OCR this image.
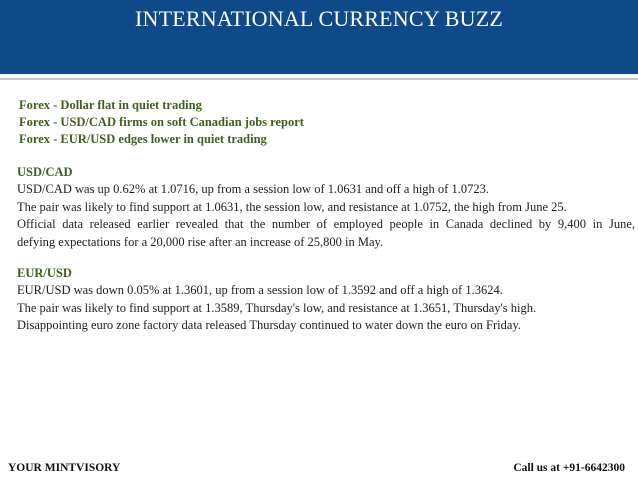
INTERNATIONAL CURRENCY BUZZ
Forex - Dollar flat in quiet trading
Forex - USD/CAD firms on soft Canadian jobs report
Forex - EUR/USD edges lower in quiet trading
USD/CAD
USD/CAD was up 0.62% at 1.0716, up from a session low of 1.0631 and off a high of 1.0723.
The pair was likely to find support at 1.0631, the session low, and resistance at 1.0752, the high from June 25.
Official data released earlier revealed that the number of employed people in Canada declined by 9,400 in June,
defying expectations for a 20,000 rise after an increase of 25,800 in May.
EUR/USD
EUR/USD was down 0.05% at 1.3601, up from a session low of 1.3592 and off a high of 1.3624.
The pair was likely to find support at 1.3589, Thursday's low, and resistance at 1.3651, Thursday's high.
Disappointing euro zone factory data released Thursday continued to water down the euro on Friday.
YOUR MINTVISORY	Call us at +91-6642300
